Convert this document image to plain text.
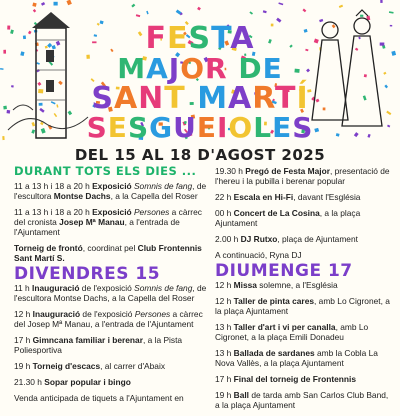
FESTA
MAJOR DE
SANT MARTÍ
SESGUEIOLES
DEL 15 AL 18 D'AGOST 2025
DURANT TOTS ELS DIES ...
11 a 13 h i 18 a 20 h Exposició Somnis de fang, de l'escultora Montse Dachs, a la Capella del Roser
11 a 13 h i 18 a 20 h Exposició Persones a càrrec del cronista Josep Mª Manau, a l'entrada de l'Ajuntament
Torneig de frontó, coordinat pel Club Frontennis Sant Martí S.
DIVENDRES 15
11 h Inauguració de l'exposició Somnis de fang, de l'escultora Montse Dachs, a la Capella del Roser
12 h Inauguració de l'exposició Persones a càrrec del Josep Mª Manau, a l'entrada de l'Ajuntament
17 h Gimncana familiar i berenar, a la Pista Poliesportiva
19 h Torneig d'escacs, al carrer d'Abaix
21.30 h Sopar popular i bingo
Venda anticipada de tiquets a l'Ajuntament en
19.30 h Pregó de Festa Major, presentació de l'hereu i la pubilla i berenar popular
22 h Escala en Hi-Fi, davant l'Església
00 h Concert de La Cosina, a la plaça Ajuntament
2.00 h DJ Rutxo, plaça de Ajuntament
A continuació, Ryna DJ
DIUMENGE 17
12 h Missa solemne, a l'Església
12 h Taller de pinta cares, amb Lo Cigronet, a la plaça Ajuntament
13 h Taller d'art i vi per canalla, amb Lo Cigronet, a la plaça Emili Donadeu
13 h Ballada de sardanes amb la Cobla La Nova Vallès, a la plaça Ajuntament
17 h Final del torneig de Frontennis
19 h Ball de tarda amb San Carlos Club Band, a la plaça Ajuntament
